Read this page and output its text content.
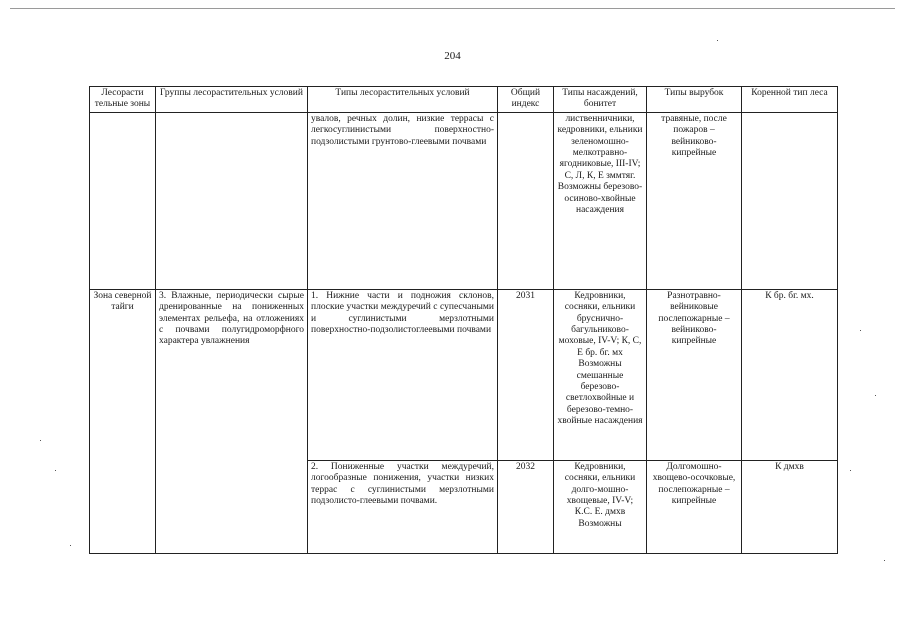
204
Лесорасти тельные зоны	Группы лесорастительных условий	Типы лесорастительных условий	Общий индекс	Типы насаждений, бонитет	Типы вырубок	Коренной тип леса
		увалов, речных долин, низкие террасы с легкосуглинистыми поверхностно-подзолистыми грунтово-глеевыми почвами		лиственничники, кедровники, ельники зеленомошно-мелкотравно-ягодниковые, III-IV; С, Л, К, Е зммтяг. Возможны березово-осиново-хвойные насаждения	травяные, после пожаров – вейниково-кипрейные	
Зона северной тайги	3. Влажные, периодически сырые дренированные на пониженных элементах рельефа, на отложениях с почвами полугидроморфного характера увлажнения	1. Нижние части и подножия склонов, плоские участки междуречий с супесчаными и суглинистыми мерзлотными поверхностно-подзолистоглеевыми почвами	2031	Кедровники, сосняки, ельники брусничнo-багульниково-моховые, IV-V; К, С, Е бр. бг. мх Возможны смешанные березово-светлохвойные и березово-темно-хвойные насаждения	Разнотравно-вейниковые послепожарные – вейниково-кипрейные	К бр. бг. мх.
		2. Пониженные участки междуречий, логообразные понижения, участки низких террас с суглинистыми мерзлотными подзолисто-глеевыми почвами.	2032	Кедровники, сосняки, ельники долго-мошно-хвощевые, IV-V; К.С. Е. дмхв Возможны	Долгомошно-хвощево-осочковые, послепожарные – кипрейные	К дмхв
